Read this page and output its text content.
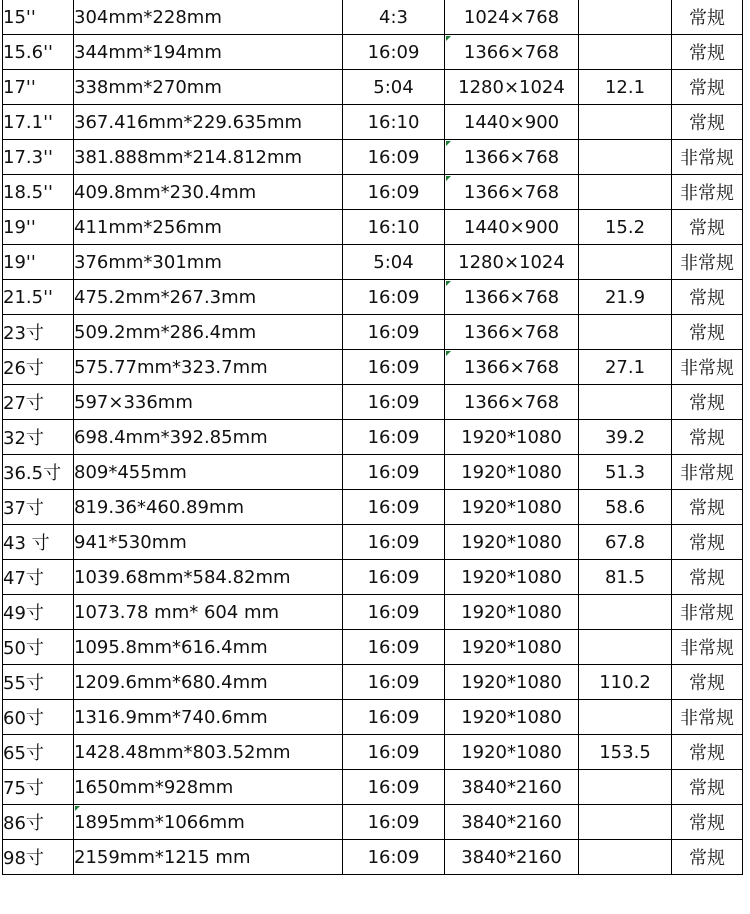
15''	304mm*228mm	4:3	1024×768		常规
15.6''	344mm*194mm	16:09	1366×768		常规
17''	338mm*270mm	5:04	1280×1024	12.1	常规
17.1''	367.416mm*229.635mm	16:10	1440×900		常规
17.3''	381.888mm*214.812mm	16:09	1366×768		非常规
18.5''	409.8mm*230.4mm	16:09	1366×768		非常规
19''	411mm*256mm	16:10	1440×900	15.2	常规
19''	376mm*301mm	5:04	1280×1024		非常规
21.5''	475.2mm*267.3mm	16:09	1366×768	21.9	常规
23寸	509.2mm*286.4mm	16:09	1366×768		常规
26寸	575.77mm*323.7mm	16:09	1366×768	27.1	非常规
27寸	597×336mm	16:09	1366×768		常规
32寸	698.4mm*392.85mm	16:09	1920*1080	39.2	常规
36.5寸	809*455mm	16:09	1920*1080	51.3	非常规
37寸	819.36*460.89mm	16:09	1920*1080	58.6	常规
43 寸	941*530mm	16:09	1920*1080	67.8	常规
47寸	1039.68mm*584.82mm	16:09	1920*1080	81.5	常规
49寸	1073.78 mm* 604 mm	16:09	1920*1080		非常规
50寸	1095.8mm*616.4mm	16:09	1920*1080		非常规
55寸	1209.6mm*680.4mm	16:09	1920*1080	110.2	常规
60寸	1316.9mm*740.6mm	16:09	1920*1080		非常规
65寸	1428.48mm*803.52mm	16:09	1920*1080	153.5	常规
75寸	1650mm*928mm	16:09	3840*2160		常规
86寸	1895mm*1066mm	16:09	3840*2160		常规
98寸	2159mm*1215 mm	16:09	3840*2160		常规
